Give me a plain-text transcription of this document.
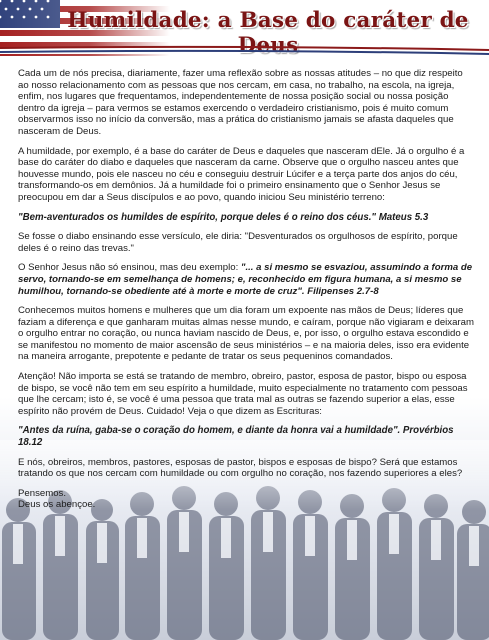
Humildade: a Base do caráter de Deus

Cada um de nós precisa, diariamente, fazer uma reflexão sobre as nossas atitudes – no que diz respeito ao nosso relacionamento com as pessoas que nos cercam, em casa, no trabalho, na escola, na igreja, enfim, nos lugares que frequentamos, independentemente de nossa posição social ou nossa posição dentro da igreja – para vermos se estamos exercendo o verdadeiro cristianismo, pois é muito comum observarmos isso no início da conversão, mas a prática do cristianismo jamais se afasta daqueles que nasceram de Deus.

A humildade, por exemplo, é a base do caráter de Deus e daqueles que nasceram dEle. Já o orgulho é a base do caráter do diabo e daqueles que nasceram da carne. Observe que o orgulho nasceu antes que houvesse mundo, pois ele nasceu no céu e conseguiu destruir Lúcifer e a terça parte dos anjos do céu, transformando-os em demônios. Já a humildade foi o primeiro ensinamento que o Senhor Jesus se preocupou em dar a Seus discípulos e ao povo, quando iniciou Seu ministério terreno:

"Bem-aventurados os humildes de espírito, porque deles é o reino dos céus." Mateus 5.3

Se fosse o diabo ensinando esse versículo, ele diria: "Desventurados os orgulhosos de espírito, porque deles é o reino das trevas."

O Senhor Jesus não só ensinou, mas deu exemplo: "... a si mesmo se esvaziou, assumindo a forma de servo, tornando-se em semelhança de homens; e, reconhecido em figura humana, a si mesmo se humilhou, tornando-se obediente até à morte e morte de cruz". Filipenses 2.7-8

Conhecemos muitos homens e mulheres que um dia foram um expoente nas mãos de Deus; líderes que faziam a diferença e que ganharam muitas almas nesse mundo, e caíram, porque não vigiaram e deixaram o orgulho entrar no coração, ou nunca haviam nascido de Deus, e, por isso, o orgulho estava escondido e se manifestou no momento de maior ascensão de seus ministérios – e na maioria deles, isso era evidente na maneira arrogante, prepotente e pedante de tratar os seus pequeninos comandados.

Atenção! Não importa se está se tratando de membro, obreiro, pastor, esposa de pastor, bispo ou esposa de bispo, se você não tem em seu espírito a humildade, muito especialmente no tratamento com pessoas que lhe cercam; isto é, se você é uma pessoa que trata mal as outras se fazendo superior a elas, esse espírito não provém de Deus. Cuidado! Veja o que dizem as Escrituras:

"Antes da ruína, gaba-se o coração do homem, e diante da honra vai a humildade". Provérbios 18.12

E nós, obreiros, membros, pastores, esposas de pastor, bispos e esposas de bispo? Será que estamos tratando os que nos cercam com humildade ou com orgulho no coração, nos fazendo superiores a eles?

Pensemos.
Deus os abençoe.
